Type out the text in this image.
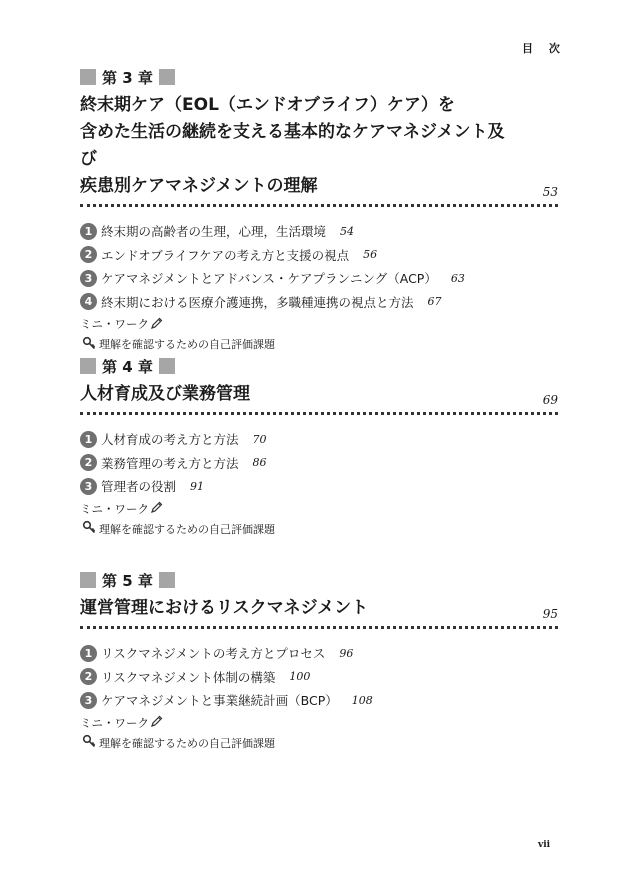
目 次
第 3 章

終末期ケア（EOL（エンドオブライフ）ケア）を
含めた生活の継続を支える基本的なケアマネジメント及び
疾患別ケアマネジメントの理解	53
1 終末期の高齢者の生理，心理，生活環境 54
2 エンドオブライフケアの考え方と支援の視点 56
3 ケアマネジメントとアドバンス・ケアプランニング（ACP） 63
4 終末期における医療介護連携，多職種連携の視点と方法 67
ミニ・ワーク
理解を確認するための自己評価課題
第 4 章

人材育成及び業務管理	69
1 人材育成の考え方と方法 70
2 業務管理の考え方と方法 86
3 管理者の役割 91
ミニ・ワーク
理解を確認するための自己評価課題
第 5 章

運営管理におけるリスクマネジメント	95
1 リスクマネジメントの考え方とプロセス 96
2 リスクマネジメント体制の構築 100
3 ケアマネジメントと事業継続計画（BCP） 108
ミニ・ワーク
理解を確認するための自己評価課題
vii
